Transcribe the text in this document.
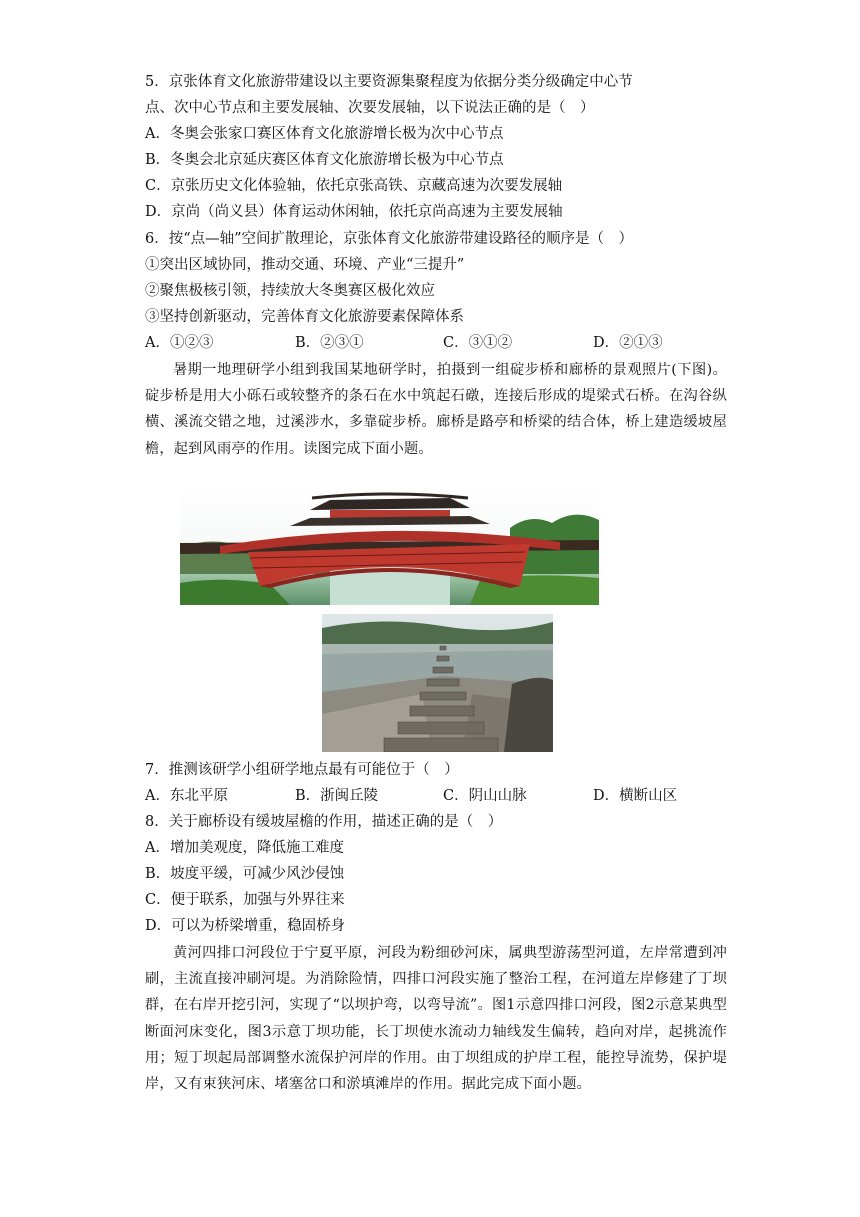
5．京张体育文化旅游带建设以主要资源集聚程度为依据分类分级确定中心节
点、次中心节点和主要发展轴、次要发展轴，以下说法正确的是（　）
A．冬奥会张家口赛区体育文化旅游增长极为次中心节点
B．冬奥会北京延庆赛区体育文化旅游增长极为中心节点
C．京张历史文化体验轴，依托京张高铁、京藏高速为次要发展轴
D．京尚（尚义县）体育运动休闲轴，依托京尚高速为主要发展轴
6．按“点—轴”空间扩散理论，京张体育文化旅游带建设路径的顺序是（　）
①突出区域协同，推动交通、环境、产业“三提升”
②聚焦极核引领，持续放大冬奥赛区极化效应
③坚持创新驱动，完善体育文化旅游要素保障体系
A．①②③	B．②③①	C．③①②	D．②①③
暑期一地理研学小组到我国某地研学时，拍摄到一组碇步桥和廊桥的景观照片(下图)。碇步桥是用大小砾石或较整齐的条石在水中筑起石礅，连接后形成的堤梁式石桥。在沟谷纵横、溪流交错之地，过溪涉水，多靠碇步桥。廊桥是路亭和桥梁的结合体，桥上建造缓坡屋檐，起到风雨亭的作用。读图完成下面小题。
7．推测该研学小组研学地点最有可能位于（　）
A．东北平原	B．浙闽丘陵	C．阴山山脉	D．横断山区
8．关于廊桥设有缓坡屋檐的作用，描述正确的是（　）
A．增加美观度，降低施工难度
B．坡度平缓，可减少风沙侵蚀
C．便于联系，加强与外界往来
D．可以为桥梁增重，稳固桥身
黄河四排口河段位于宁夏平原，河段为粉细砂河床，属典型游荡型河道，左岸常遭到冲刷，主流直接冲刷河堤。为消除险情，四排口河段实施了整治工程，在河道左岸修建了丁坝群，在右岸开挖引河，实现了“以坝护弯，以弯导流”。图1示意四排口河段，图2示意某典型断面河床变化，图3示意丁坝功能，长丁坝使水流动力轴线发生偏转，趋向对岸，起挑流作用；短丁坝起局部调整水流保护河岸的作用。由丁坝组成的护岸工程，能控导流势，保护堤岸，又有束狭河床、堵塞岔口和淤填滩岸的作用。据此完成下面小题。
